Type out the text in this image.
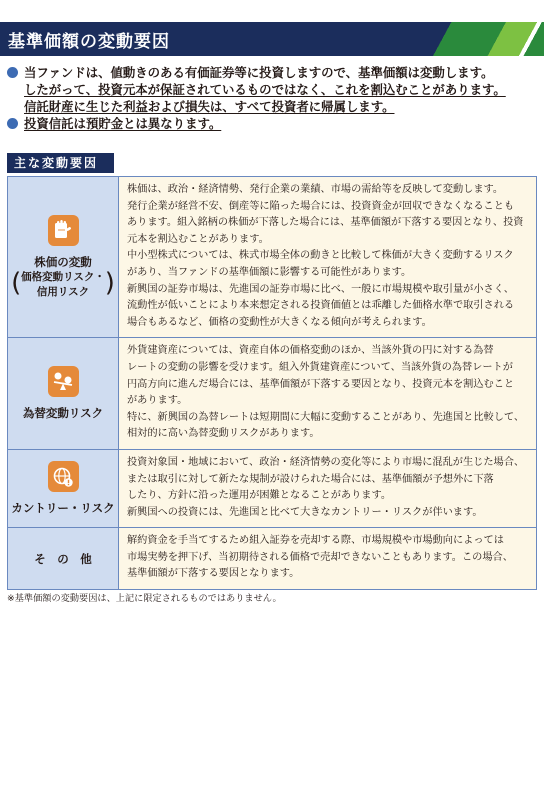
基準価額の変動要因
当ファンドは、値動きのある有価証券等に投資しますので、基準価額は変動します。
したがって、投資元本が保証されているものではなく、これを割込むことがあります。
信託財産に生じた利益および損失は、すべて投資者に帰属します。
投資信託は預貯金とは異なります。
主な変動要因
株価の変動
( 価格変動リスク・
信用リスク )

株価は、政治・経済情勢、発行企業の業績、市場の需給等を反映して変動します。

発行企業が経営不安、倒産等に陥った場合には、投資資金が回収できなくなることも

あります。組入銘柄の株価が下落した場合には、基準価額が下落する要因となり、投資

元本を割込むことがあります。

中小型株式については、株式市場全体の動きと比較して株価が大きく変動するリスク

があり、当ファンドの基準価額に影響する可能性があります。

新興国の証券市場は、先進国の証券市場に比べ、一般に市場規模や取引量が小さく、

流動性が低いことにより本来想定される投資価値とは乖離した価格水準で取引される

場合もあるなど、価格の変動性が大きくなる傾向が考えられます。

為替変動リスク

外貨建資産については、資産自体の価格変動のほか、当該外貨の円に対する為替

レートの変動の影響を受けます。組入外貨建資産について、当該外貨の為替レートが

円高方向に進んだ場合には、基準価額が下落する要因となり、投資元本を割込むこと

があります。

特に、新興国の為替レートは短期間に大幅に変動することがあり、先進国と比較して、

相対的に高い為替変動リスクがあります。

カントリー・リスク

投資対象国・地域において、政治・経済情勢の変化等により市場に混乱が生じた場合、

または取引に対して新たな規制が設けられた場合には、基準価額が予想外に下落

したり、方針に沿った運用が困難となることがあります。

新興国への投資には、先進国と比べて大きなカントリー・リスクが伴います。

そ　の　他

解約資金を手当てするため組入証券を売却する際、市場規模や市場動向によっては

市場実勢を押下げ、当初期待される価格で売却できないこともあります。この場合、

基準価額が下落する要因となります。

※基準価額の変動要因は、上記に限定されるものではありません。
